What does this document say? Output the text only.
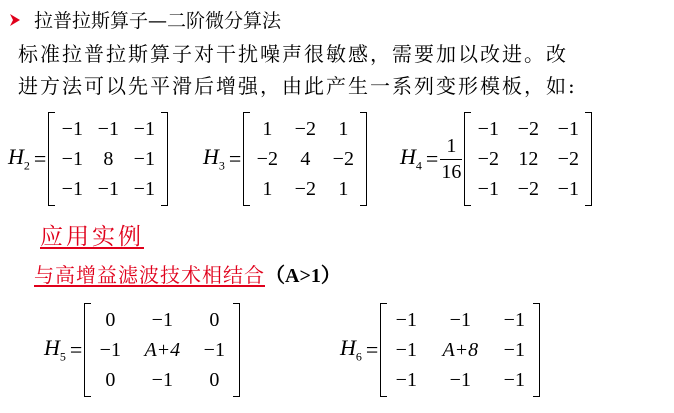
拉普拉斯算子—二阶微分算法
标准拉普拉斯算子对干扰噪声很敏感，需要加以改进。改
进方法可以先平滑后增强，由此产生一系列变形模板，如:
$H_2$ =
−1 −1 −1
−1	8	−1
−1 −1 −1
$H_3$ =
1	−2	1
−2	4	−2
1	−2	1
$H_4 = \frac{1}{16}$
−1 −2 −1
−2 12 −2
−1 −2 −1
应用实例
与高增益滤波技术相结合（A>1）
$H_5$ =
0	−1	0
−1	A+4	−1
0	−1	0
$H_6$ =
−1	−1	−1
−1	A+8	−1
−1	−1	−1
